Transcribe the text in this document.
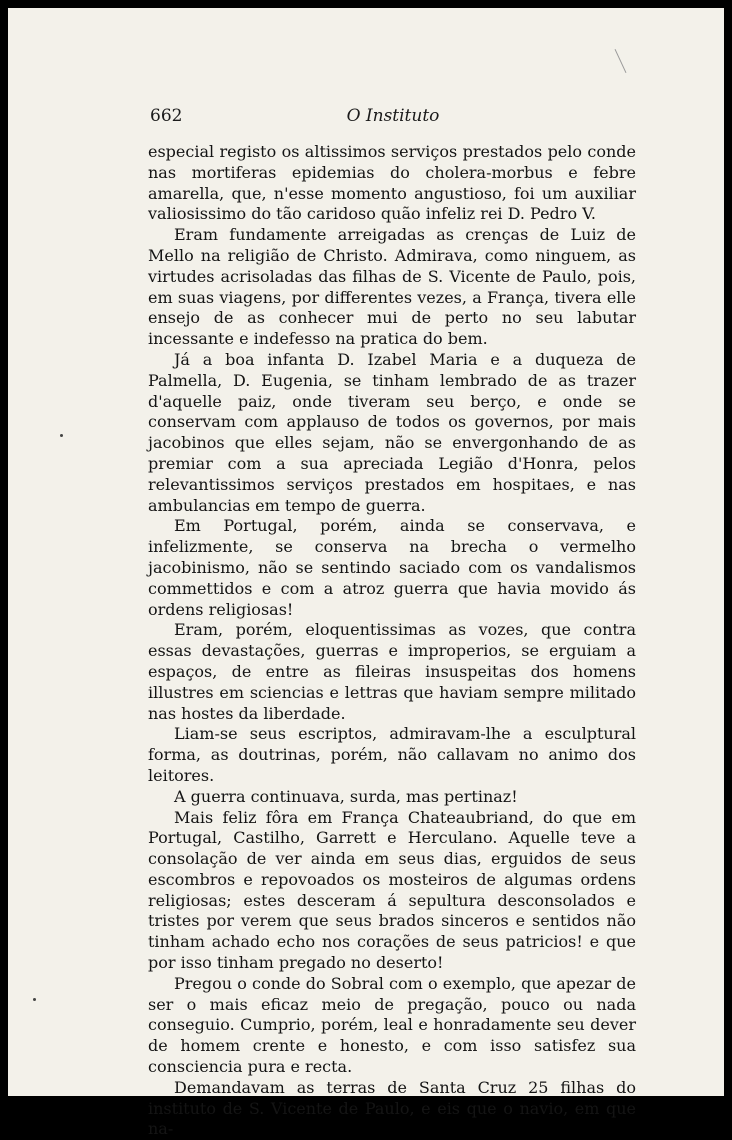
662	O Instituto

especial registo os altissimos serviços prestados pelo conde nas mortiferas epidemias do cholera-morbus e febre amarella, que, n'esse momento angustioso, foi um auxiliar valiosissimo do tão caridoso quão infeliz rei D. Pedro V.

Eram fundamente arreigadas as crenças de Luiz de Mello na religião de Christo. Admirava, como ninguem, as virtudes acrisoladas das filhas de S. Vicente de Paulo, pois, em suas viagens, por differentes vezes, a França, tivera elle ensejo de as conhecer mui de perto no seu labutar incessante e indefesso na pratica do bem.

Já a boa infanta D. Izabel Maria e a duqueza de Palmella, D. Eugenia, se tinham lembrado de as trazer d'aquelle paiz, onde tiveram seu berço, e onde se conservam com applauso de todos os governos, por mais jacobinos que elles sejam, não se envergonhando de as premiar com a sua apreciada Legião d'Honra, pelos relevantissimos serviços prestados em hospitaes, e nas ambulancias em tempo de guerra.

Em Portugal, porém, ainda se conservava, e infelizmente, se conserva na brecha o vermelho jacobinismo, não se sentindo saciado com os vandalismos commettidos e com a atroz guerra que havia movido ás ordens religiosas!

Eram, porém, eloquentissimas as vozes, que contra essas devastações, guerras e improperios, se erguiam a espaços, de entre as fileiras insuspeitas dos homens illustres em sciencias e lettras que haviam sempre militado nas hostes da liberdade.

Liam-se seus escriptos, admiravam-lhe a esculptural forma, as doutrinas, porém, não callavam no animo dos leitores.

A guerra continuava, surda, mas pertinaz!

Mais feliz fôra em França Chateaubriand, do que em Portugal, Castilho, Garrett e Herculano. Aquelle teve a consolação de ver ainda em seus dias, erguidos de seus escombros e repovoados os mosteiros de algumas ordens religiosas; estes desceram á sepultura desconsolados e tristes por verem que seus brados sinceros e sentidos não tinham achado echo nos corações de seus patricios! e que por isso tinham pregado no deserto!

Pregou o conde do Sobral com o exemplo, que apezar de ser o mais eficaz meio de pregação, pouco ou nada conseguio. Cumprio, porém, leal e honradamente seu dever de homem crente e honesto, e com isso satisfez sua consciencia pura e recta.

Demandavam as terras de Santa Cruz 25 filhas do instituto de S. Vicente de Paulo, e eis que o navio, em que na-
